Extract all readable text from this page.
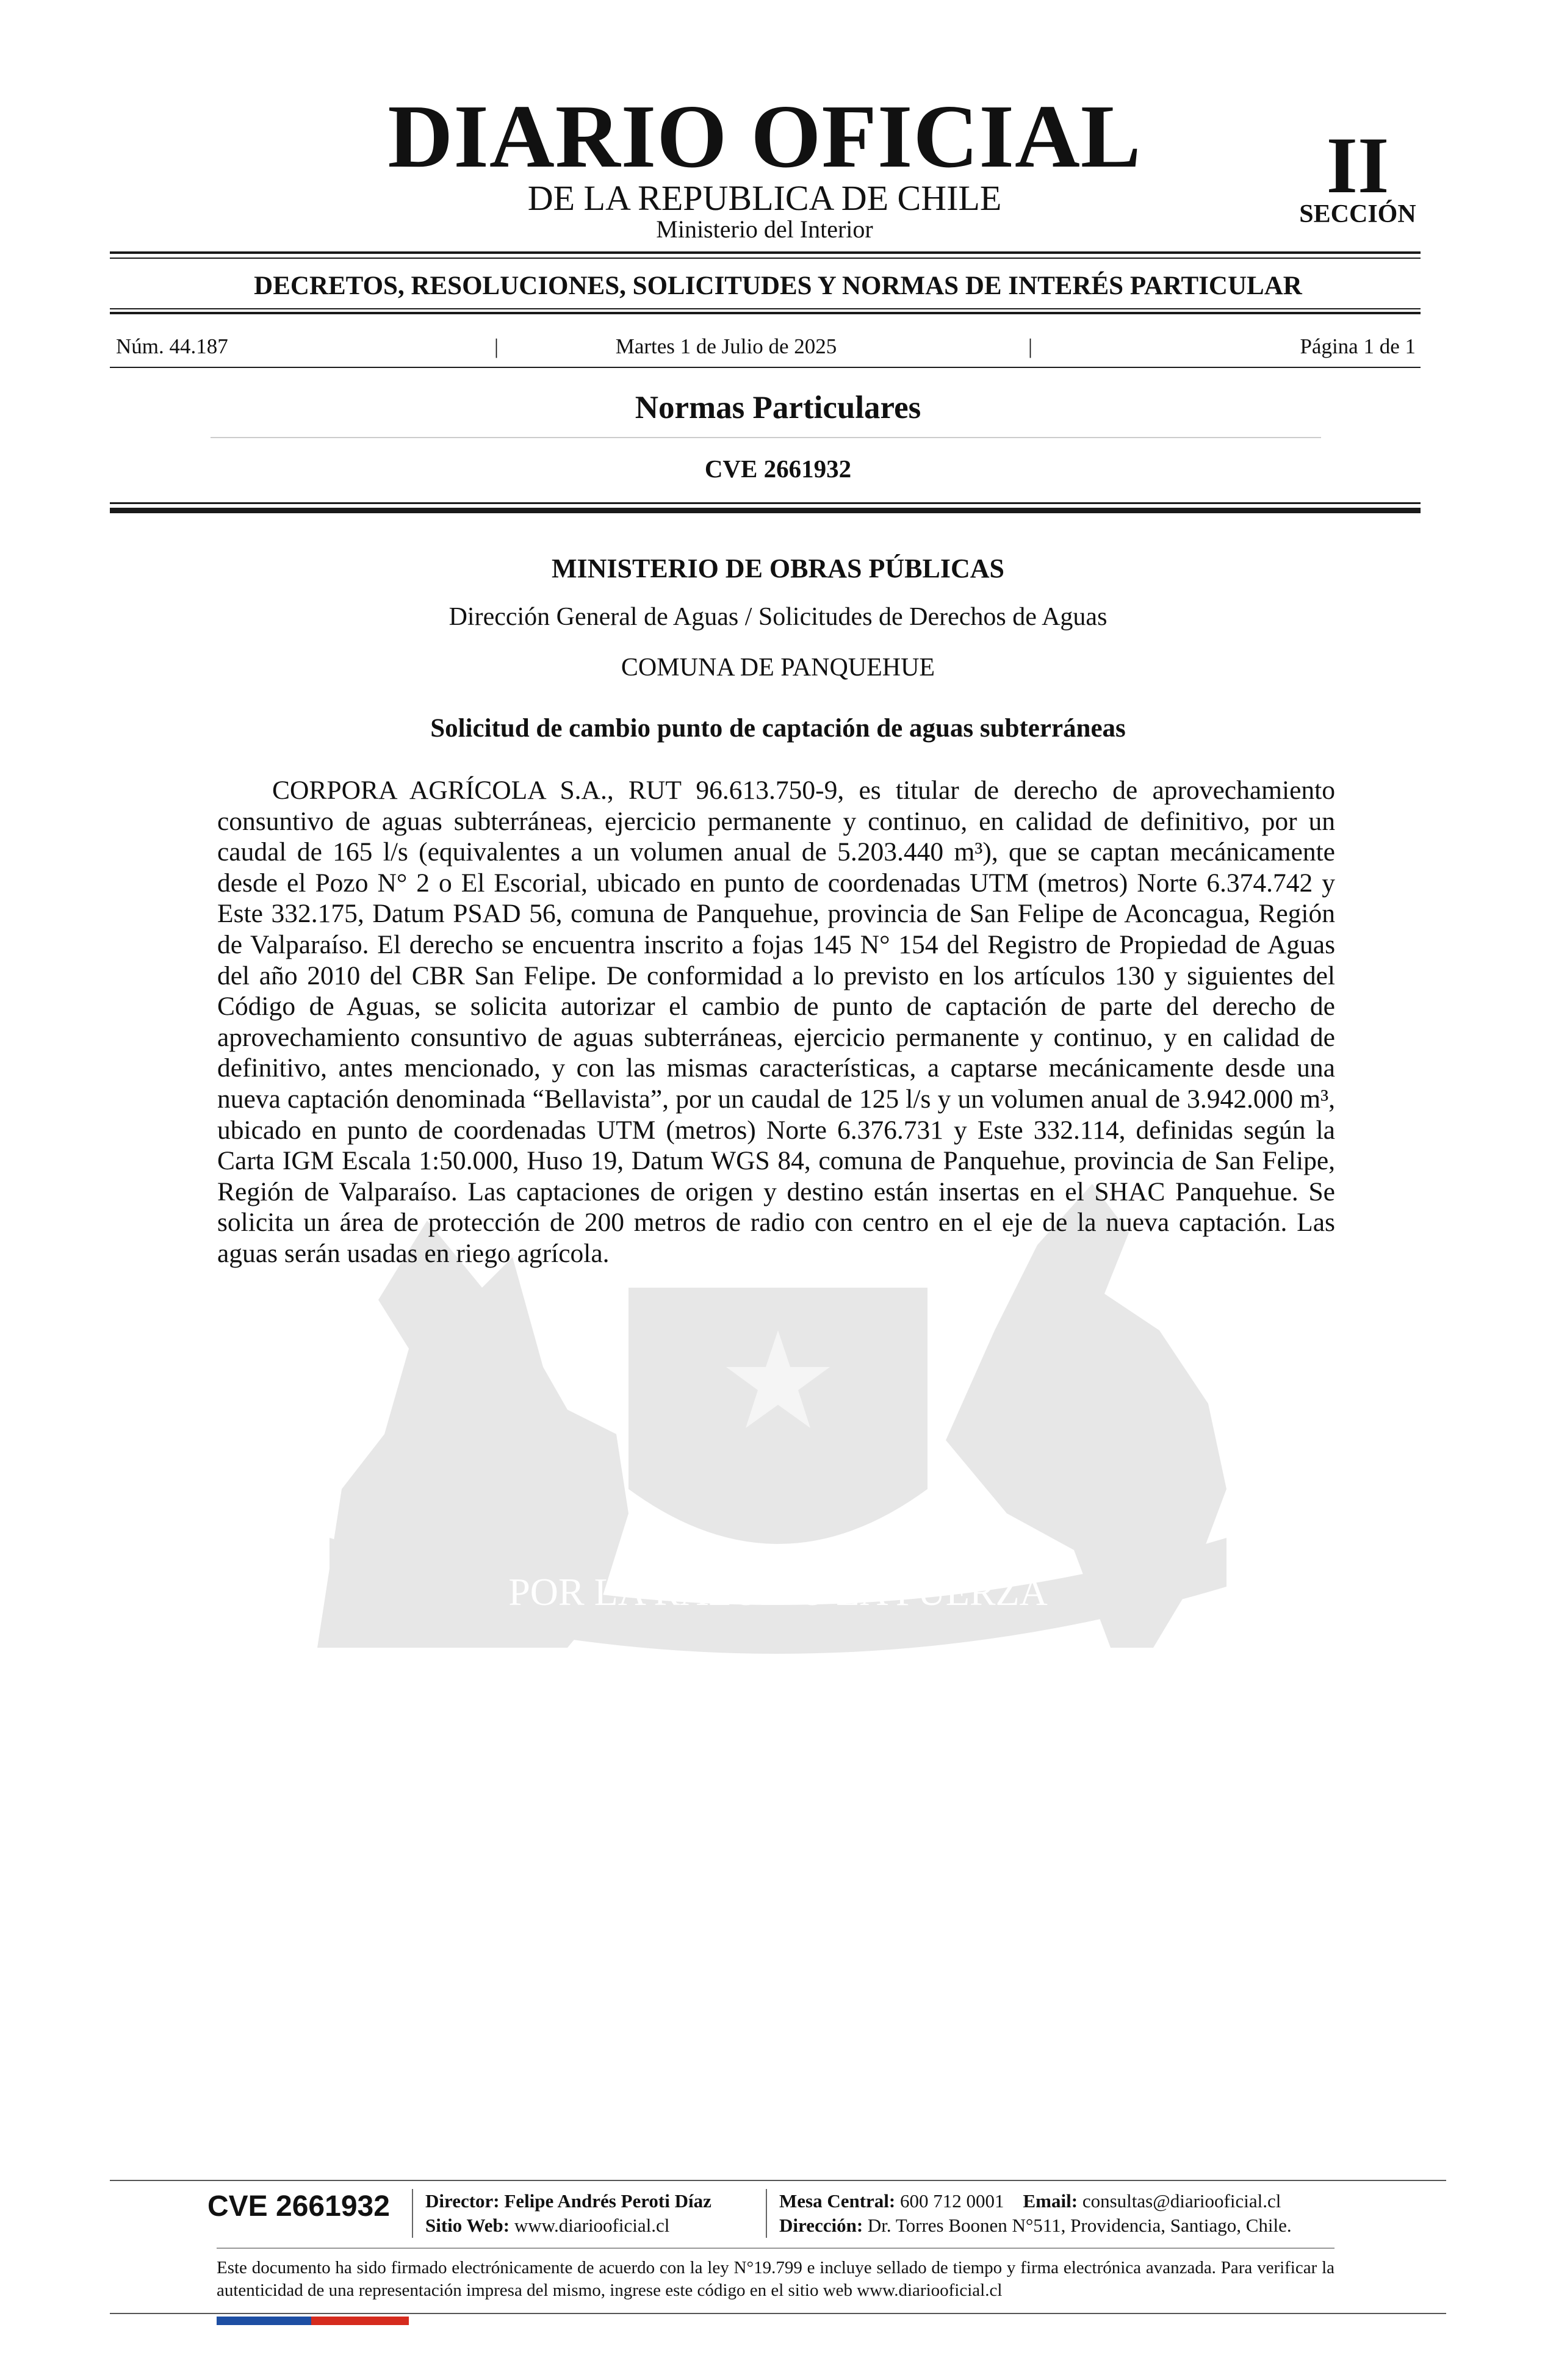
POR LA RAZON O LA FUERZA
DIARIO OFICIAL
DE LA REPUBLICA DE CHILE
Ministerio del Interior
II
SECCIÓN
DECRETOS, RESOLUCIONES, SOLICITUDES Y NORMAS DE INTERÉS PARTICULAR
Núm. 44.187	|	Martes 1 de Julio de 2025	|	Página 1 de 1
Normas Particulares
CVE 2661932
MINISTERIO DE OBRAS PÚBLICAS
Dirección General de Aguas / Solicitudes de Derechos de Aguas
COMUNA DE PANQUEHUE
Solicitud de cambio punto de captación de aguas subterráneas

CORPORA AGRÍCOLA S.A., RUT 96.613.750-9, es titular de derecho de aprovechamiento consuntivo de aguas subterráneas, ejercicio permanente y continuo, en calidad de definitivo, por un caudal de 165 l/s (equivalentes a un volumen anual de 5.203.440 m³), que se captan mecánicamente desde el Pozo N° 2 o El Escorial, ubicado en punto de coordenadas UTM (metros) Norte 6.374.742 y Este 332.175, Datum PSAD 56, comuna de Panquehue, provincia de San Felipe de Aconcagua, Región de Valparaíso. El derecho se encuentra inscrito a fojas 145 N° 154 del Registro de Propiedad de Aguas del año 2010 del CBR San Felipe. De conformidad a lo previsto en los artículos 130 y siguientes del Código de Aguas, se solicita autorizar el cambio de punto de captación de parte del derecho de aprovechamiento consuntivo de aguas subterráneas, ejercicio permanente y continuo, y en calidad de definitivo, antes mencionado, y con las mismas características, a captarse mecánicamente desde una nueva captación denominada “Bellavista”, por un caudal de 125 l/s y un volumen anual de 3.942.000 m³, ubicado en punto de coordenadas UTM (metros) Norte 6.376.731 y Este 332.114, definidas según la Carta IGM Escala 1:50.000, Huso 19, Datum WGS 84, comuna de Panquehue, provincia de San Felipe, Región de Valparaíso. Las captaciones de origen y destino están insertas en el SHAC Panquehue. Se solicita un área de protección de 200 metros de radio con centro en el eje de la nueva captación. Las aguas serán usadas en riego agrícola.

CVE 2661932 Director: Felipe Andrés Peroti Díaz
Sitio Web: www.diariooficial.cl
Mesa Central: 600 712 0001 Email: consultas@diariooficial.cl
Dirección: Dr. Torres Boonen N°511, Providencia, Santiago, Chile.

Este documento ha sido firmado electrónicamente de acuerdo con la ley N°19.799 e incluye sellado de tiempo y firma electrónica avanzada. Para verificar la autenticidad de una representación impresa del mismo, ingrese este código en el sitio web www.diariooficial.cl
